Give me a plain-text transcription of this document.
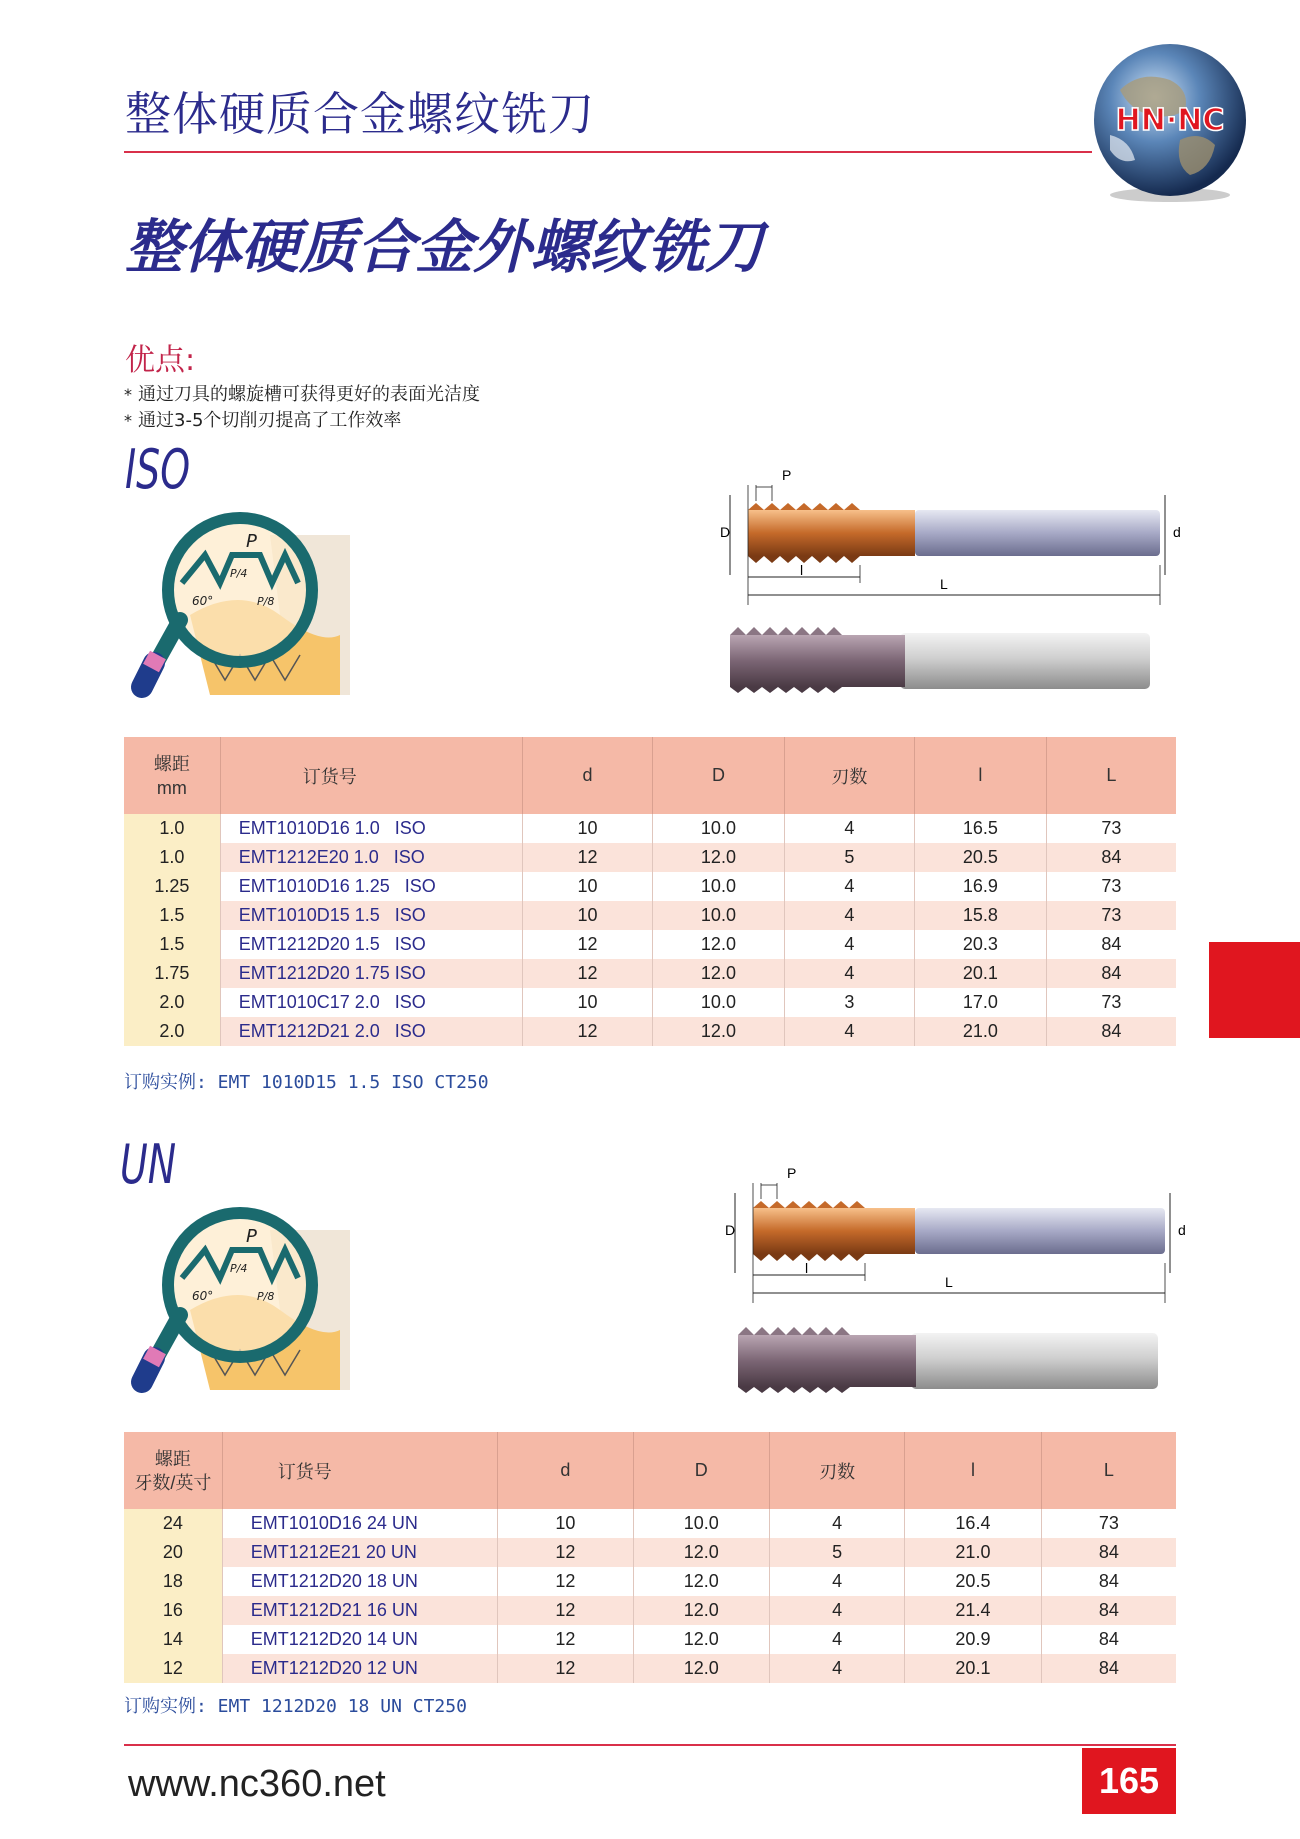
整体硬质合金螺纹铣刀	HN·NC
整体硬质合金外螺纹铣刀
优点:
* 通过刀具的螺旋槽可获得更好的表面光洁度
* 通过3-5个切削刃提高了工作效率
ISO
P
P/4
60°	P/8
P
D	d
l
L
螺距
mm	订货号	d	D	刃数	l	L
1.0	EMT1010D16 1.0   ISO	10	10.0	4	16.5	73
1.0	EMT1212E20 1.0   ISO	12	12.0	5	20.5	84
1.25	EMT1010D16 1.25   ISO	10	10.0	4	16.9	73
1.5	EMT1010D15 1.5   ISO	10	10.0	4	15.8	73
1.5	EMT1212D20 1.5   ISO	12	12.0	4	20.3	84
1.75	EMT1212D20 1.75 ISO	12	12.0	4	20.1	84
2.0	EMT1010C17 2.0   ISO	10	10.0	3	17.0	73
2.0	EMT1212D21 2.0   ISO	12	12.0	4	21.0	84
订购实例: EMT 1010D15 1.5 ISO CT250
UN
P
P/4
60°	P/8
P
D	d
l
L
螺距
牙数/英寸	订货号	d	D	刃数	l	L
24	EMT1010D16 24 UN	10	10.0	4	16.4	73
20	EMT1212E21 20 UN	12	12.0	5	21.0	84
18	EMT1212D20 18 UN	12	12.0	4	20.5	84
16	EMT1212D21 16 UN	12	12.0	4	21.4	84
14	EMT1212D20 14 UN	12	12.0	4	20.9	84
12	EMT1212D20 12 UN	12	12.0	4	20.1	84
订购实例: EMT 1212D20 18 UN CT250
www.nc360.net	165
